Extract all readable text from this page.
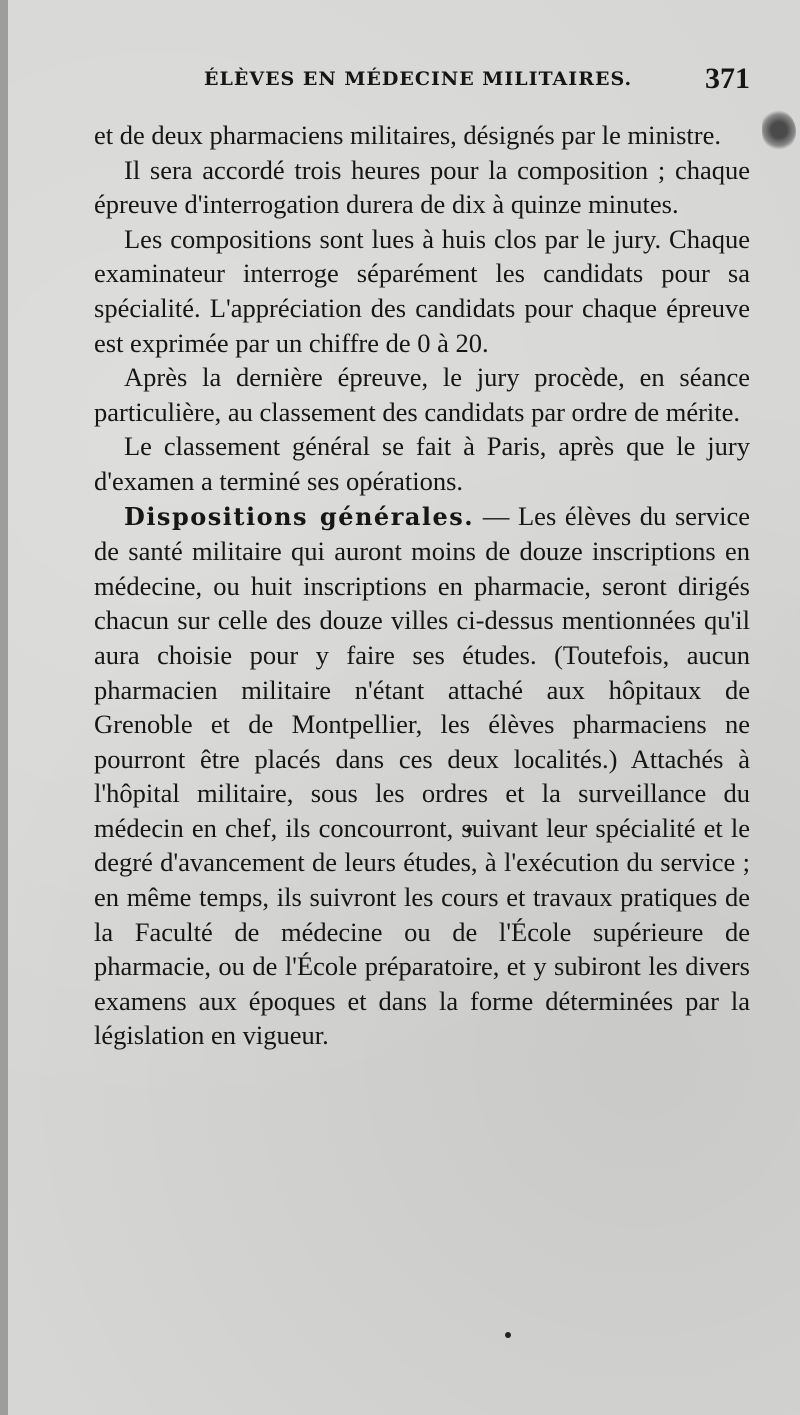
ÉLÈVES EN MÉDECINE MILITAIRES. 371

et de deux pharmaciens militaires, désignés par le ministre.

Il sera accordé trois heures pour la composition ; chaque épreuve d'interrogation durera de dix à quinze minutes.

Les compositions sont lues à huis clos par le jury. Chaque examinateur interroge séparément les candidats pour sa spécialité. L'appréciation des candidats pour chaque épreuve est exprimée par un chiffre de 0 à 20.

Après la dernière épreuve, le jury procède, en séance particulière, au classement des candidats par ordre de mérite.

Le classement général se fait à Paris, après que le jury d'examen a terminé ses opérations.

Dispositions générales. — Les élèves du service de santé militaire qui auront moins de douze inscriptions en médecine, ou huit inscriptions en pharmacie, seront dirigés chacun sur celle des douze villes ci-dessus mentionnées qu'il aura choisie pour y faire ses études. (Toutefois, aucun pharmacien militaire n'étant attaché aux hôpitaux de Grenoble et de Montpellier, les élèves pharmaciens ne pourront être placés dans ces deux localités.) Attachés à l'hôpital militaire, sous les ordres et la surveillance du médecin en chef, ils concourront, suivant leur spécialité et le degré d'avancement de leurs études, à l'exécution du service ; en même temps, ils suivront les cours et travaux pratiques de la Faculté de médecine ou de l'École supérieure de pharmacie, ou de l'École préparatoire, et y subiront les divers examens aux époques et dans la forme déterminées par la législation en vigueur.
